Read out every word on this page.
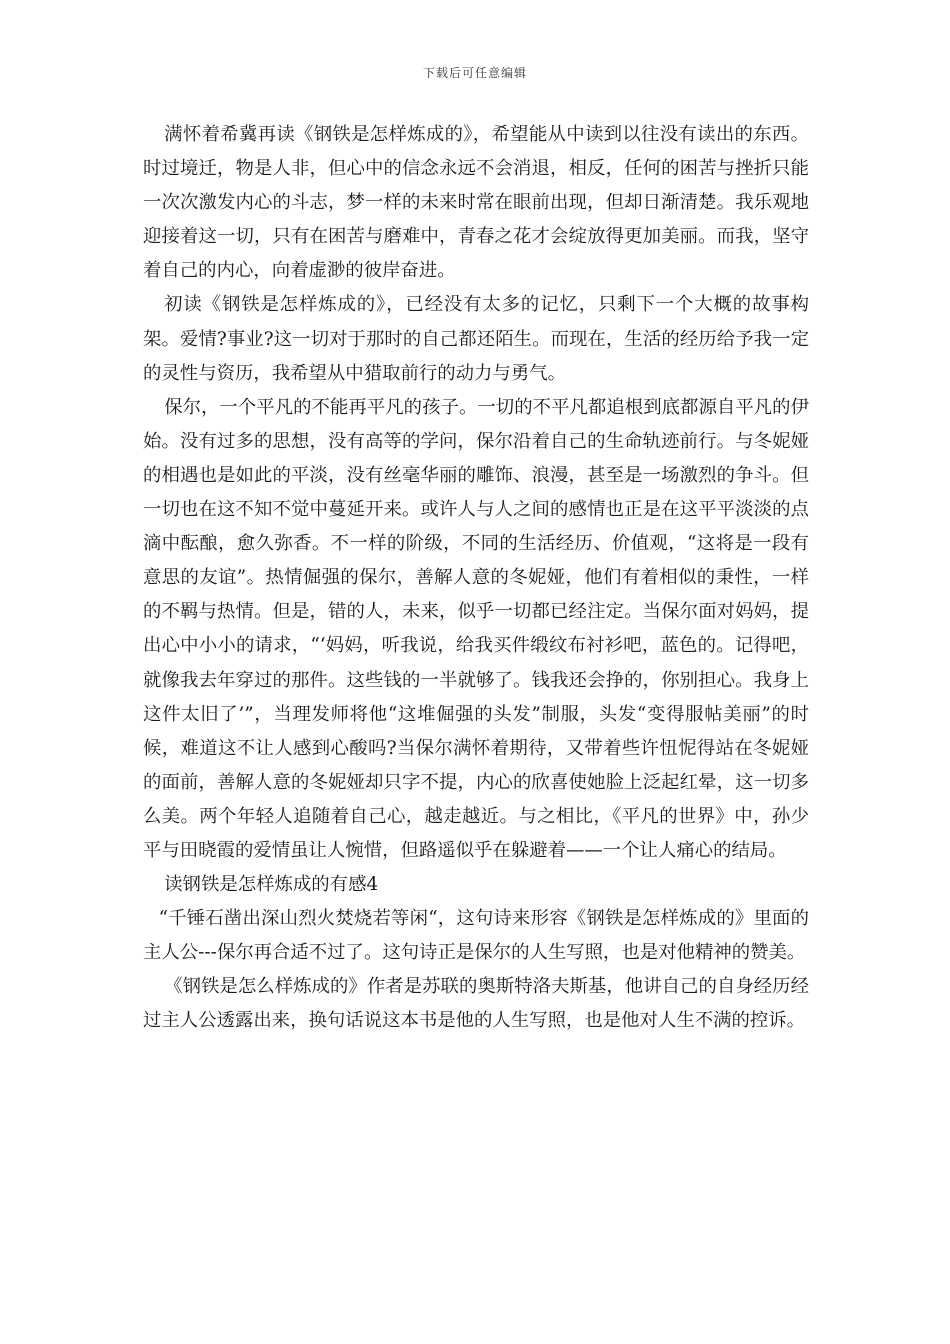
下载后可任意编辑

满怀着希冀再读《钢铁是怎样炼成的》，希望能从中读到以往没有读出的东西。时过境迁，物是人非，但心中的信念永远不会消退，相反，任何的困苦与挫折只能一次次激发内心的斗志，梦一样的未来时常在眼前出现，但却日渐清楚。我乐观地迎接着这一切，只有在困苦与磨难中，青春之花才会绽放得更加美丽。而我，坚守着自己的内心，向着虚渺的彼岸奋进。

初读《钢铁是怎样炼成的》，已经没有太多的记忆，只剩下一个大概的故事构架。爱情?事业?这一切对于那时的自己都还陌生。而现在，生活的经历给予我一定的灵性与资历，我希望从中猎取前行的动力与勇气。

保尔，一个平凡的不能再平凡的孩子。一切的不平凡都追根到底都源自平凡的伊始。没有过多的思想，没有高等的学问，保尔沿着自己的生命轨迹前行。与冬妮娅的相遇也是如此的平淡，没有丝毫华丽的雕饰、浪漫，甚至是一场激烈的争斗。但一切也在这不知不觉中蔓延开来。或许人与人之间的感情也正是在这平平淡淡的点滴中酝酿，愈久弥香。不一样的阶级，不同的生活经历、价值观，“这将是一段有意思的友谊”。热情倔强的保尔，善解人意的冬妮娅，他们有着相似的秉性，一样的不羁与热情。但是，错的人，未来，似乎一切都已经注定。当保尔面对妈妈，提出心中小小的请求，“‘妈妈，听我说，给我买件缎纹布衬衫吧，蓝色的。记得吧，就像我去年穿过的那件。这些钱的一半就够了。钱我还会挣的，你别担心。我身上这件太旧了’”，当理发师将他“这堆倔强的头发”制服，头发“变得服帖美丽”的时候，难道这不让人感到心酸吗?当保尔满怀着期待，又带着些许忸怩得站在冬妮娅的面前，善解人意的冬妮娅却只字不提，内心的欣喜使她脸上泛起红晕，这一切多么美。两个年轻人追随着自己心，越走越近。与之相比，《平凡的世界》中，孙少平与田晓霞的爱情虽让人惋惜，但路遥似乎在躲避着——一个让人痛心的结局。

读钢铁是怎样炼成的有感4

“千锤石凿出深山烈火焚烧若等闲“，这句诗来形容《钢铁是怎样炼成的》里面的主人公---保尔再合适不过了。这句诗正是保尔的人生写照，也是对他精神的赞美。

《钢铁是怎么样炼成的》作者是苏联的奥斯特洛夫斯基，他讲自己的自身经历经过主人公透露出来，换句话说这本书是他的人生写照，也是他对人生不满的控诉。
